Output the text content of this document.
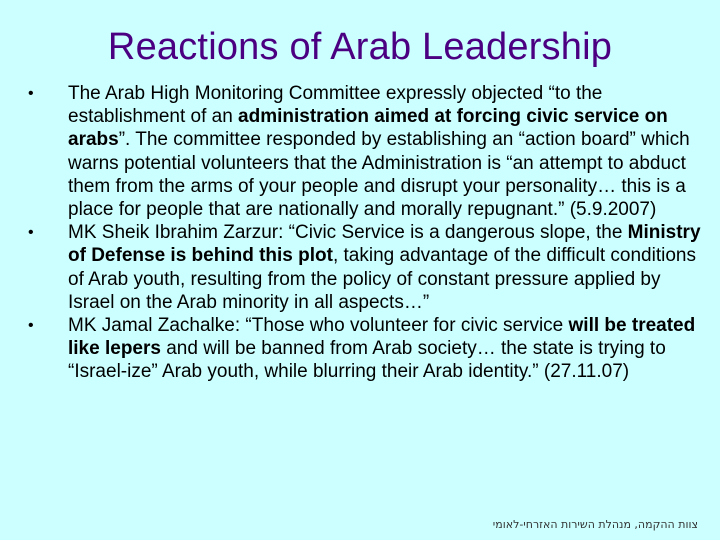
Reactions of Arab Leadership
• The Arab High Monitoring Committee expressly objected “to the establishment of an administration aimed at forcing civic service on arabs”. The committee responded by establishing an “action board” which warns potential volunteers that the Administration is “an attempt to abduct them from the arms of your people and disrupt your personality… this is a place for people that are nationally and morally repugnant.” (5.9.2007)
• MK Sheik Ibrahim Zarzur: “Civic Service is a dangerous slope, the Ministry of Defense is behind this plot, taking advantage of the difficult conditions of Arab youth, resulting from the policy of constant pressure applied by Israel on the Arab minority in all aspects…”
• MK Jamal Zachalke: “Those who volunteer for civic service will be treated like lepers and will be banned from Arab society… the state is trying to “Israel-ize” Arab youth, while blurring their Arab identity.” (27.11.07)
צוות ההקמה, מנהלת השירות האזרחי-לאומי
